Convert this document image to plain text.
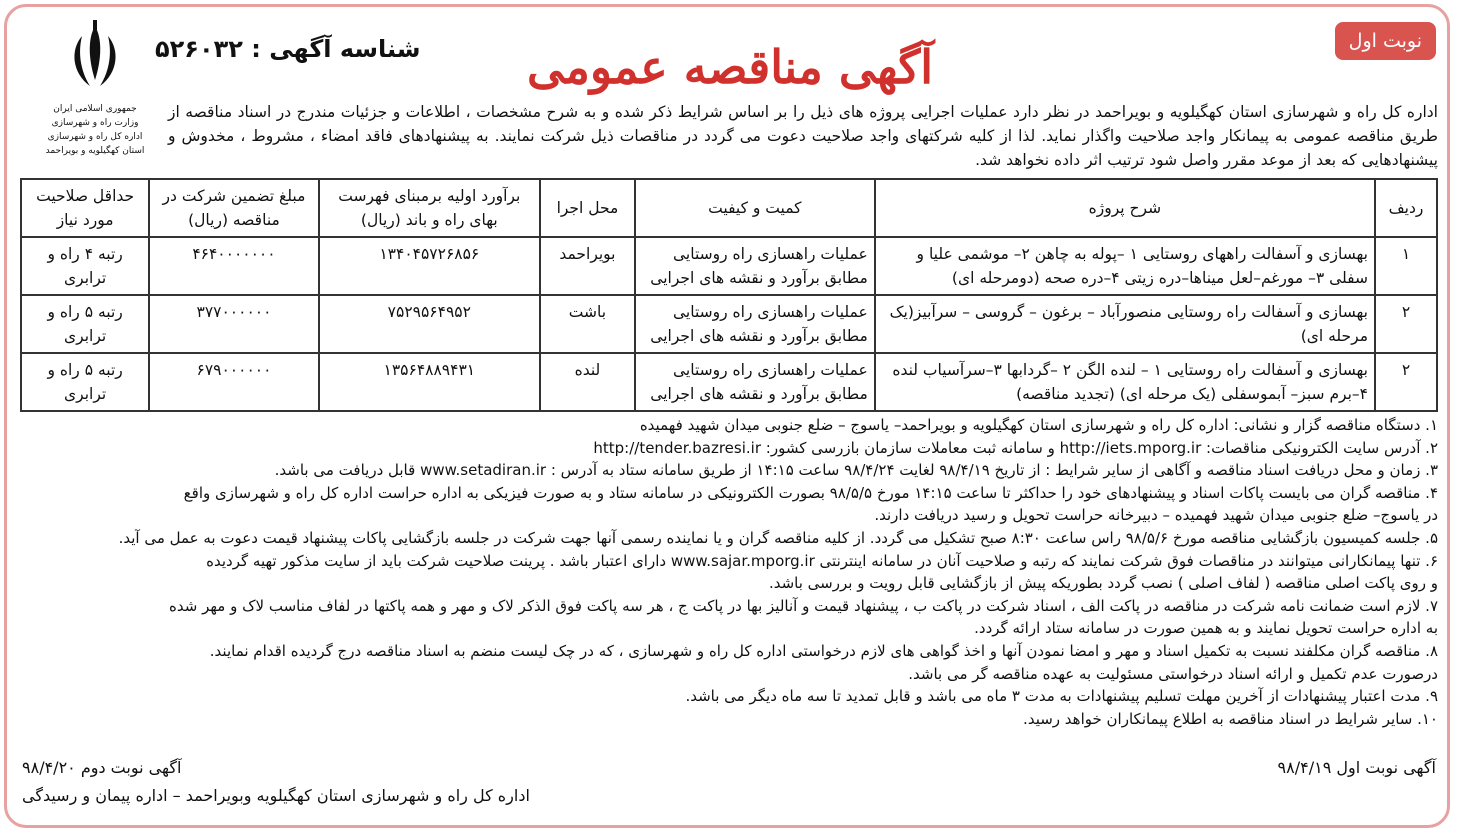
نوبت اول
آگهی مناقصه عمومی
شناسه آگهی : ۵۲۶۰۳۲
جمهوری اسلامی ایران
وزارت راه و شهرسازی
اداره کل راه و شهرسازی استان کهگیلویه و بویراحمد
اداره کل راه و شهرسازی استان کهگیلویه و بویراحمد در نظر دارد عملیات اجرایی پروژه های ذیل را بر اساس شرایط ذکر شده و به شرح مشخصات ، اطلاعات و جزئیات مندرج در اسناد مناقصه از طریق مناقصه عمومی به پیمانکار واجد صلاحیت واگذار نماید. لذا از کلیه شرکتهای واجد صلاحیت دعوت می گردد در مناقصات ذیل شرکت نمایند. به پیشنهادهای فاقد امضاء ، مشروط ، مخدوش و پیشنهادهایی که بعد از موعد مقرر واصل شود ترتیب اثر داده نخواهد شد.
ردیف	شرح پروژه	کمیت و کیفیت	محل اجرا	برآورد اولیه برمبنای فهرست بهای راه و باند (ریال)	مبلغ تضمین شرکت در مناقصه (ریال)	حداقل صلاحیت مورد نیاز
۱	بهسازی و آسفالت راههای روستایی ۱ –پوله به چاهن ۲– موشمی علیا و سفلی ۳– مورغم–لعل میناها–دره زیتی ۴–دره صحه (دومرحله ای)	عملیات راهسازی راه روستایی مطابق برآورد و نقشه های اجرایی	بویراحمد	۱۳۴۰۴۵۷۲۶۸۵۶	۴۶۴۰۰۰۰۰۰۰	رتبه ۴ راه و ترابری
۲	بهسازی و آسفالت راه روستایی منصورآباد – برغون – گروسی – سرآبیز(یک مرحله ای)	عملیات راهسازی راه روستایی مطابق برآورد و نقشه های اجرایی	باشت	۷۵۲۹۵۶۴۹۵۲	۳۷۷۰۰۰۰۰۰	رتبه ۵ راه و ترابری
۲	بهسازی و آسفالت راه روستایی ۱ – لنده الگن ۲ –گردابها ۳–سرآسیاب لنده ۴–برم سبز– آبموسفلی (یک مرحله ای) (تجدید مناقصه)	عملیات راهسازی راه روستایی مطابق برآورد و نقشه های اجرایی	لنده	۱۳۵۶۴۸۸۹۴۳۱	۶۷۹۰۰۰۰۰۰	رتبه ۵ راه و ترابری
۱. دستگاه مناقصه گزار و نشانی: اداره کل راه و شهرسازی استان کهگیلویه و بویراحمد– یاسوج – ضلع جنوبی میدان شهید فهمیده
۲. آدرس سایت الکترونیکی مناقصات: http://iets.mporg.ir و سامانه ثبت معاملات سازمان بازرسی کشور: http://tender.bazresi.ir
۳. زمان و محل دریافت اسناد مناقصه و آگاهی از سایر شرایط : از تاریخ ۹۸/۴/۱۹ لغایت ۹۸/۴/۲۴ ساعت ۱۴:۱۵ از طریق سامانه ستاد به آدرس : www.setadiran.ir قابل دریافت می باشد.
۴. مناقصه گران می بایست پاکات اسناد و پیشنهادهای خود را حداکثر تا ساعت ۱۴:۱۵ مورخ ۹۸/۵/۵ بصورت الکترونیکی در سامانه ستاد و به صورت فیزیکی به اداره حراست اداره کل راه و شهرسازی واقع
در یاسوج– ضلع جنوبی میدان شهید فهمیده – دبیرخانه حراست تحویل و رسید دریافت دارند.
۵. جلسه کمیسیون بازگشایی مناقصه مورخ ۹۸/۵/۶ راس ساعت ۸:۳۰ صبح تشکیل می گردد. از کلیه مناقصه گران و یا نماینده رسمی آنها جهت شرکت در جلسه بازگشایی پاکات پیشنهاد قیمت دعوت به عمل می آید.
۶. تنها پیمانکارانی میتوانند در مناقصات فوق شرکت نمایند که رتبه و صلاحیت آنان در سامانه اینترنتی www.sajar.mporg.ir دارای اعتبار باشد . پرینت صلاحیت شرکت باید از سایت مذکور تهیه گردیده
و روی پاکت اصلی مناقصه ( لفاف اصلی ) نصب گردد بطوریکه پیش از بازگشایی قابل رویت و بررسی باشد.
۷. لازم است ضمانت نامه شرکت در مناقصه در پاکت الف ، اسناد شرکت در پاکت ب ، پیشنهاد قیمت و آنالیز بها در پاکت ج ، هر سه پاکت فوق الذکر لاک و مهر و همه پاکتها در لفاف مناسب لاک و مهر شده
به اداره حراست تحویل نمایند و به همین صورت در سامانه ستاد ارائه گردد.
۸. مناقصه گران مکلفند نسبت به تکمیل اسناد و مهر و امضا نمودن آنها و اخذ گواهی های لازم درخواستی اداره کل راه و شهرسازی ، که در چک لیست منضم به اسناد مناقصه درج گردیده اقدام نمایند.
درصورت عدم تکمیل و ارائه اسناد درخواستی مسئولیت به عهده مناقصه گر می باشد.
۹. مدت اعتبار پیشنهادات از آخرین مهلت تسلیم پیشنهادات به مدت ۳ ماه می باشد و قابل تمدید تا سه ماه دیگر می باشد.
۱۰. سایر شرایط در اسناد مناقصه به اطلاع پیمانکاران خواهد رسید.
آگهی نوبت اول ۹۸/۴/۱۹
آگهی نوبت دوم ۹۸/۴/۲۰
اداره کل راه و شهرسازی استان کهگیلویه وبویراحمد – اداره پیمان و رسیدگی
